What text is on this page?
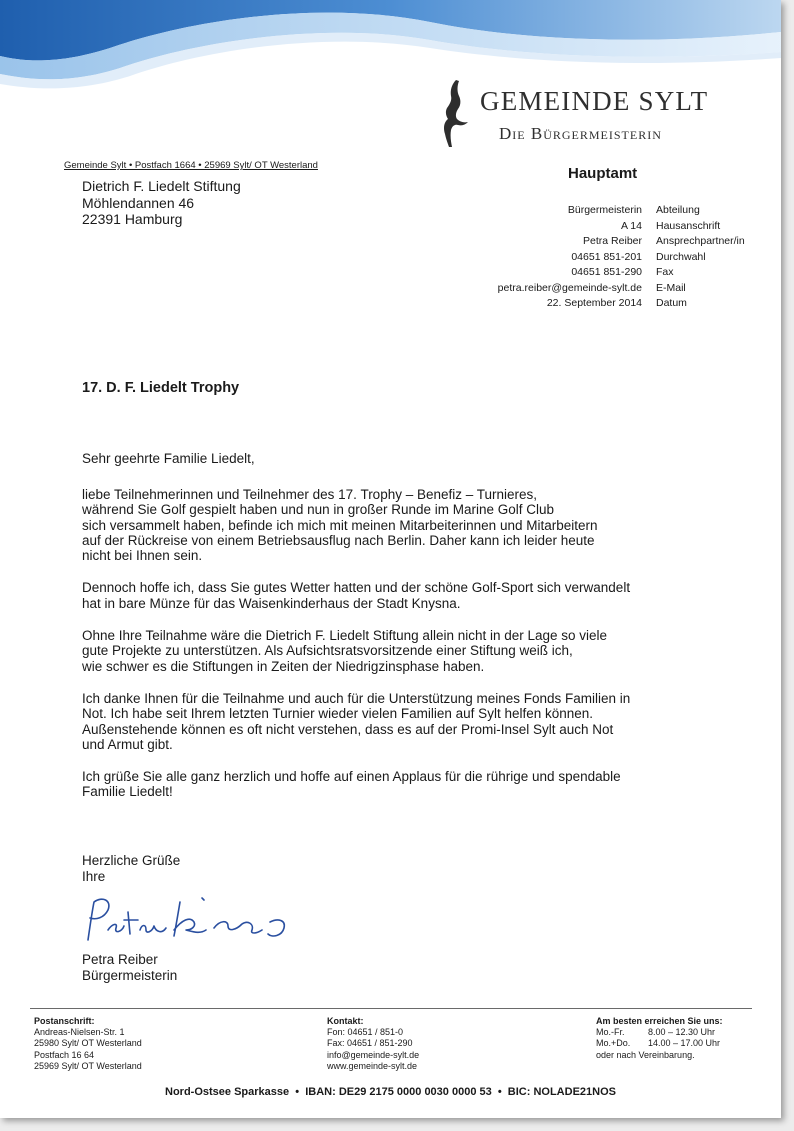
GEMEINDE SYLT
Die Bürgermeisterin
Gemeinde Sylt • Postfach 1664 • 25969 Sylt/ OT Westerland
Dietrich F. Liedelt Stiftung
Möhlendannen 46
22391 Hamburg
Hauptamt
Bürgermeisterin Abteilung
A 14 Hausanschrift
Petra Reiber Ansprechpartner/in
04651 851-201 Durchwahl
04651 851-290 Fax
petra.reiber@gemeinde-sylt.de E-Mail
22. September 2014 Datum
17. D. F. Liedelt Trophy
Sehr geehrte Familie Liedelt,

liebe Teilnehmerinnen und Teilnehmer des 17. Trophy – Benefiz – Turnieres,
während Sie Golf gespielt haben und nun in großer Runde im Marine Golf Club
sich versammelt haben, befinde ich mich mit meinen Mitarbeiterinnen und Mitarbeitern
auf der Rückreise von einem Betriebsausflug nach Berlin. Daher kann ich leider heute
nicht bei Ihnen sein.

Dennoch hoffe ich, dass Sie gutes Wetter hatten und der schöne Golf-Sport sich verwandelt
hat in bare Münze für das Waisenkinderhaus der Stadt Knysna.

Ohne Ihre Teilnahme wäre die Dietrich F. Liedelt Stiftung allein nicht in der Lage so viele
gute Projekte zu unterstützen. Als Aufsichtsratsvorsitzende einer Stiftung weiß ich,
wie schwer es die Stiftungen in Zeiten der Niedrigzinsphase haben.

Ich danke Ihnen für die Teilnahme und auch für die Unterstützung meines Fonds Familien in
Not. Ich habe seit Ihrem letzten Turnier wieder vielen Familien auf Sylt helfen können.
Außenstehende können es oft nicht verstehen, dass es auf der Promi-Insel Sylt auch Not
und Armut gibt.

Ich grüße Sie alle ganz herzlich und hoffe auf einen Applaus für die rührige und spendable
Familie Liedelt!

Herzliche Grüße
Ihre
Petra Reiber
Bürgermeisterin
Postanschrift:
Andreas-Nielsen-Str. 1
25980 Sylt/ OT Westerland
Postfach 16 64
25969 Sylt/ OT Westerland
Kontakt:
Fon: 04651 / 851-0
Fax: 04651 / 851-290
info@gemeinde-sylt.de
www.gemeinde-sylt.de
Am besten erreichen Sie uns:
Mo.-Fr.	8.00 – 12.30 Uhr
Mo.+Do.	14.00 – 17.00 Uhr
oder nach Vereinbarung.
Nord-Ostsee Sparkasse  •  IBAN: DE29 2175 0000 0030 0000 53  •  BIC: NOLADE21NOS
